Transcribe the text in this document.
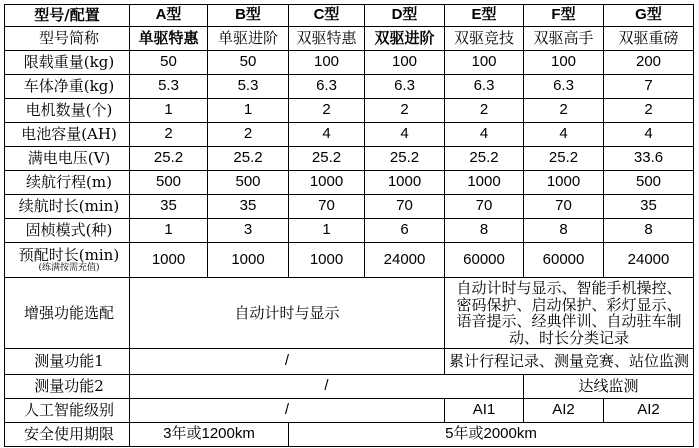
型号/配置	A型	B型	C型	D型	E型	F型	G型
型号简称	单驱特惠	单驱进阶	双驱特惠	双驱进阶	双驱竞技	双驱高手	双驱重磅
限载重量(kg)	50	50	100	100	100	100	200
车体净重(kg)	5.3	5.3	6.3	6.3	6.3	6.3	7
电机数量(个)	1	1	2	2	2	2	2
电池容量(AH)	2	2	4	4	4	4	4
满电电压(V)	25.2	25.2	25.2	25.2	25.2	25.2	33.6
续航行程(m)	500	500	1000	1000	1000	1000	500
续航时长(min)	35	35	70	70	70	70	35
固桢模式(种)	1	3	1	6	8	8	8
预配时长(min)
(练满按需充值)	1000	1000	1000	24000	60000	60000	24000
增强功能选配	自动计时与显示				自动计时与显示、智能手机操控、密码保护、启动保护、彩灯显示、语音提示、经典伴训、自动驻车制动、时长分类记录		
测量功能1	/				累计行程记录、测量竞赛、站位监测		
测量功能2	/					达线监测	
人工智能级别	/				AI1	AI2	AI2
安全使用期限	3年或1200km		5年或2000km				
